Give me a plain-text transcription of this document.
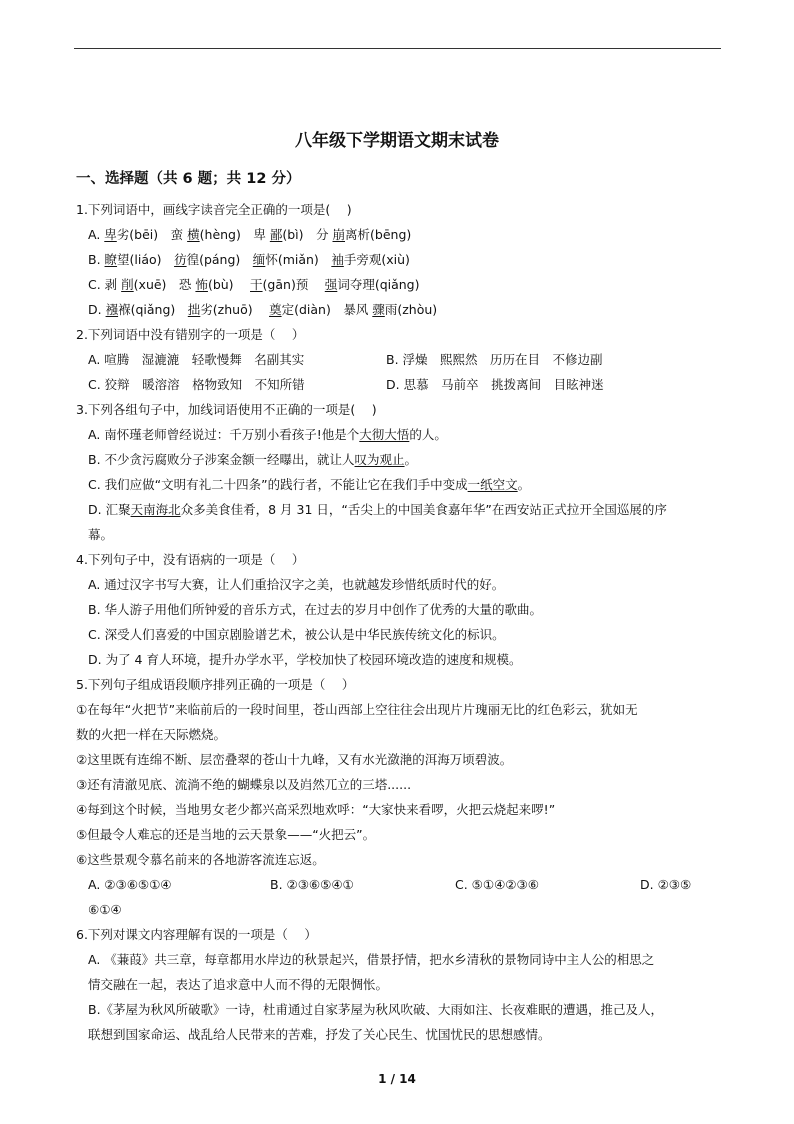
八年级下学期语文期末试卷
一、选择题（共 6 题；共 12 分）
1.下列词语中，画线字读音完全正确的一项是(　 )
A. 卑劣(bēi)　蛮 横(hèng)　卑 鄙(bì)　分 崩离析(bēng)
B. 瞭望(liáo)　彷徨(páng)　缅怀(miǎn)　袖手旁观(xiù)
C. 剥 削(xuē)　恐 怖(bù)　 干(gān)预　 强词夺理(qiǎng)
D. 襁褓(qiǎng)　拙劣(zhuō)　 奠定(diàn)　暴风 骤雨(zhòu)
2.下列词语中没有错别字的一项是（　 ）
A. 喧腾　湿漉漉　轻歌慢舞　名副其实	B. 浮燥　熙熙然　历历在目　不修边副
C. 狡辩　暖溶溶　格物致知　不知所错	D. 思慕　马前卒　挑拨离间　目眩神迷
3.下列各组句子中，加线词语使用不正确的一项是(　 )
A. 南怀瑾老师曾经说过：千万别小看孩子!他是个大彻大悟的人。
B. 不少贪污腐败分子涉案金额一经曝出，就让人叹为观止。
C. 我们应做“文明有礼二十四条”的践行者，不能让它在我们手中变成一纸空文。
D. 汇聚天南海北众多美食佳肴，8 月 31 日，“舌尖上的中国美食嘉年华”在西安站正式拉开全国巡展的序
幕。
4.下列句子中，没有语病的一项是（　 ）
A. 通过汉字书写大赛，让人们重拾汉字之美，也就越发珍惜纸质时代的好。
B. 华人游子用他们所钟爱的音乐方式，在过去的岁月中创作了优秀的大量的歌曲。
C. 深受人们喜爱的中国京剧脸谱艺术，被公认是中华民族传统文化的标识。
D. 为了 4 育人环境，提升办学水平，学校加快了校园环境改造的速度和规模。
5.下列句子组成语段顺序排列正确的一项是（　 ）
①在每年“火把节”来临前后的一段时间里，苍山西部上空往往会出现片片瑰丽无比的红色彩云，犹如无
数的火把一样在天际燃烧。
②这里既有连绵不断、层峦叠翠的苍山十九峰，又有水光潋滟的洱海万顷碧波。
③还有清澈见底、流淌不绝的蝴蝶泉以及岿然兀立的三塔......
④每到这个时候，当地男女老少都兴高采烈地欢呼：“大家快来看啰，火把云烧起来啰!”
⑤但最令人难忘的还是当地的云天景象——“火把云”。
⑥这些景观令慕名前来的各地游客流连忘返。
A. ②③⑥⑤①④	B. ②③⑥⑤④①	C. ⑤①④②③⑥	D. ②③⑤
⑥①④
6.下列对课文内容理解有误的一项是（　 ）
A. 《蒹葭》共三章，每章都用水岸边的秋景起兴，借景抒情，把水乡清秋的景物同诗中主人公的相思之
情交融在一起，表达了追求意中人而不得的无限惆怅。
B.《茅屋为秋风所破歌》一诗，杜甫通过自家茅屋为秋风吹破、大雨如注、长夜难眠的遭遇，推己及人，
联想到国家命运、战乱给人民带来的苦难，抒发了关心民生、忧国忧民的思想感情。
1 / 14
